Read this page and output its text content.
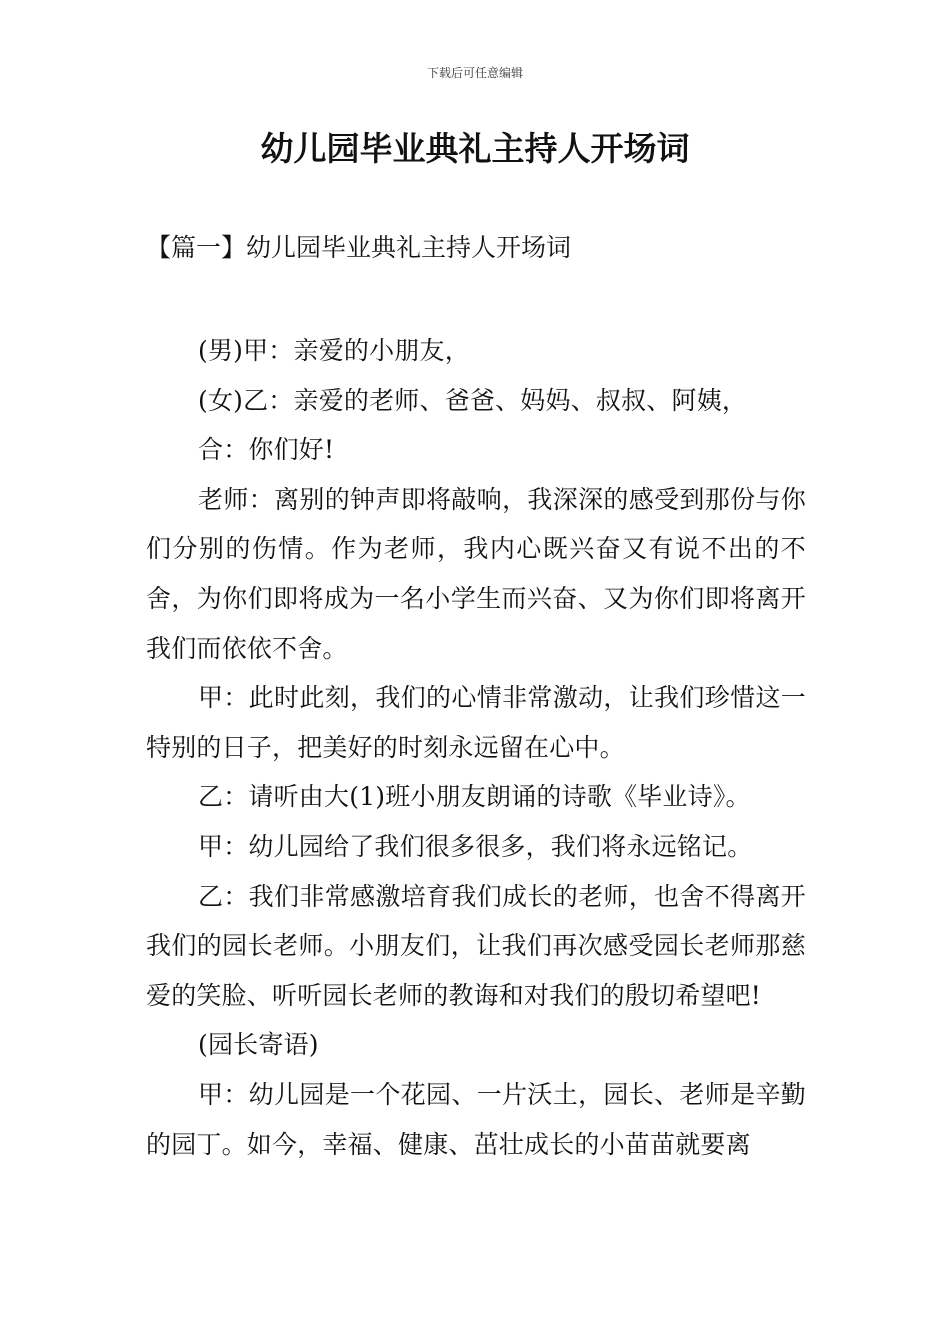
下载后可任意编辑
幼儿园毕业典礼主持人开场词
【篇一】幼儿园毕业典礼主持人开场词

(男)甲：亲爱的小朋友，

(女)乙：亲爱的老师、爸爸、妈妈、叔叔、阿姨，

合：你们好!

老师：离别的钟声即将敲响，我深深的感受到那份与你们分别的伤情。作为老师，我内心既兴奋又有说不出的不舍，为你们即将成为一名小学生而兴奋、又为你们即将离开我们而依依不舍。

甲：此时此刻，我们的心情非常激动，让我们珍惜这一特别的日子，把美好的时刻永远留在心中。

乙：请听由大(1)班小朋友朗诵的诗歌《毕业诗》。

甲：幼儿园给了我们很多很多，我们将永远铭记。

乙：我们非常感激培育我们成长的老师，也舍不得离开我们的园长老师。小朋友们，让我们再次感受园长老师那慈爱的笑脸、听听园长老师的教诲和对我们的殷切希望吧!

(园长寄语)

甲：幼儿园是一个花园、一片沃土，园长、老师是辛勤的园丁。如今，幸福、健康、茁壮成长的小苗苗就要离
